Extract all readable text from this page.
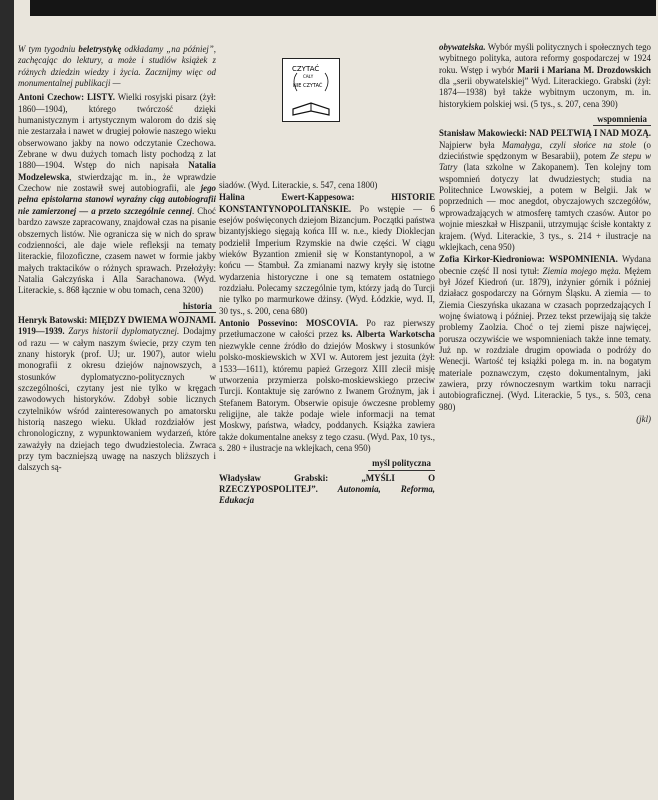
CZYTAĆ
CAŁY
NIE CZYTAĆ

W tym tygodniu beletrystykę odkładamy „na później”, zachęcając do lektury, a może i studiów książek z różnych dziedzin wiedzy i życia. Zacznijmy więc od monumentalnej publikacji —

Antoni Czechow: LISTY. Wielki rosyjski pisarz (żył: 1860—1904), którego twórczość dzięki humanistycznym i artystycznym walorom do dziś się nie zestarzała i nawet w drugiej połowie naszego wieku obserwowano jakby na nowo odczytanie Czechowa. Zebrane w dwu dużych tomach listy pochodzą z lat 1880—1904. Wstęp do nich napisała Natalia Modzelewska, stwierdzając m. in., że wprawdzie Czechow nie zostawił swej autobiografii, ale jego pełna epistolarna stanowi wyraźny ciąg autobiografii nie zamierzonej — a przeto szczególnie cennej. Choć bardzo zawsze zapracowany, znajdował czas na pisanie obszernych listów. Nie ogranicza się w nich do spraw codzienności, ale daje wiele refleksji na tematy literackie, filozoficzne, czasem nawet w formie jakby małych traktacików o różnych sprawach. Przełożyły: Natalia Gałczyńska i Alla Sarachanowa. (Wyd. Literackie, s. 868 łącznie w obu tomach, cena 3200)

historia

Henryk Batowski: MIĘDZY DWIEMA WOJNAMI. 1919—1939. Zarys historii dyplomatycznej. Dodajmy od razu — w całym naszym świecie, przy czym ten znany historyk (prof. UJ; ur. 1907), autor wielu monografii z okresu dziejów najnowszych, a stosunków dyplomatyczno-politycznych w szczególności, czytany jest nie tylko w kręgach zawodowych historyków. Zdobył sobie licznych czytelników wśród zainteresowanych po amatorsku historią naszego wieku. Układ rozdziałów jest chronologiczny, z wypunktowaniem wydarzeń, które zaważyły na dziejach tego dwudziestolecia. Zwraca przy tym baczniejszą uwagę na naszych bliższych i dalszych są-

siadów. (Wyd. Literackie, s. 547, cena 1800)

Halina Ewert-Kappesowa: HISTORIE KONSTANTYNOPOLITAŃSKIE. Po wstępie — 6 esejów poświęconych dziejom Bizancjum. Początki państwa bizantyjskiego sięgają końca III w. n.e., kiedy Dioklecjan podzielił Imperium Rzymskie na dwie części. W ciągu wieków Byzantion zmienił się w Konstantynopol, a w końcu — Stambuł. Za zmianami nazwy kryły się istotne wydarzenia historyczne i one są tematem ostatniego rozdziału. Polecamy szczególnie tym, którzy jadą do Turcji nie tylko po marmurkowe dżinsy. (Wyd. Łódzkie, wyd. II, 30 tys., s. 200, cena 680)

Antonio Possevino: MOSCOVIA. Po raz pierwszy przetłumaczone w całości przez ks. Alberta Warkotscha niezwykle cenne źródło do dziejów Moskwy i stosunków polsko-moskiewskich w XVI w. Autorem jest jezuita (żył: 1533—1611), któremu papież Grzegorz XIII zlecił misję utworzenia przymierza polsko-moskiewskiego przeciw Turcji. Kontaktuje się zarówno z Iwanem Groźnym, jak i Stefanem Batorym. Obserwie opisuje ówczesne problemy religijne, ale także podaje wiele informacji na temat Moskwy, państwa, władcy, poddanych. Książka zawiera także dokumentalne aneksy z tego czasu. (Wyd. Pax, 10 tys., s. 280 + ilustracje na wklejkach, cena 950)

myśl polityczna

Władysław Grabski: „MYŚLI O RZECZYPOSPOLITEJ”. Autonomia, Reforma, Edukacja

obywatelska. Wybór myśli politycznych i społecznych tego wybitnego polityka, autora reformy gospodarczej w 1924 roku. Wstęp i wybór Marii i Mariana M. Drozdowskich dla „serii obywatelskiej” Wyd. Literackiego. Grabski (żył: 1874—1938) był także wybitnym uczonym, m. in. historykiem polskiej wsi. (5 tys., s. 207, cena 390)

wspomnienia

Stanisław Makowiecki: NAD PELTWIĄ I NAD MOZĄ. Najpierw była Mamałyga, czyli słońce na stole (o dzieciństwie spędzonym w Besarabii), potem Ze stepu w Tatry (lata szkolne w Zakopanem). Ten kolejny tom wspomnień dotyczy lat dwudziestych; studia na Politechnice Lwowskiej, a potem w Belgii. Jak w poprzednich — moc anegdot, obyczajowych szczegółów, wprowadzających w atmosferę tamtych czasów. Autor po wojnie mieszkał w Hiszpanii, utrzymując ścisłe kontakty z krajem. (Wyd. Literackie, 3 tys., s. 214 + ilustracje na wklejkach, cena 950)

Zofia Kirkor-Kiedroniowa: WSPOMNIENIA. Wydana obecnie część II nosi tytuł: Ziemia mojego męża. Mężem był Józef Kiedroń (ur. 1879), inżynier górnik i później działacz gospodarczy na Górnym Śląsku. A ziemia — to Ziemia Cieszyńska ukazana w czasach poprzedzających I wojnę światową i później. Przez tekst przewijają się także problemy Zaolzia. Choć o tej ziemi pisze najwięcej, porusza oczywiście we wspomnieniach także inne tematy. Już np. w rozdziale drugim opowiada o podróży do Wenecji. Wartość tej książki polega m. in. na bogatym materiale poznawczym, często dokumentalnym, jaki zawiera, przy równoczesnym wartkim toku narracji autobiograficznej. (Wyd. Literackie, 5 tys., s. 503, cena 980)

(jkl)
